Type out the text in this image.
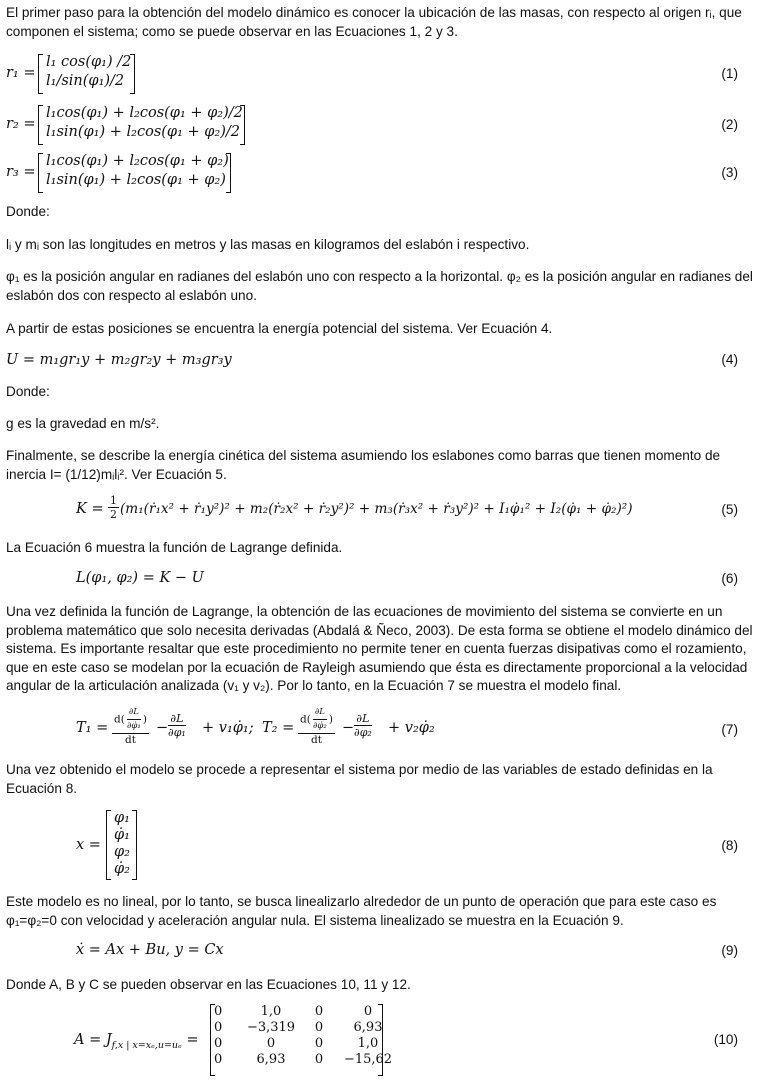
El primer paso para la obtención del modelo dinámico es conocer la ubicación de las masas, con respecto al origen rᵢ, que componen el sistema; como se puede observar en las Ecuaciones 1, 2 y 3.

r₁ =
l₁ cos(φ₁) /2
l₁/sin(φ₁)/2	(1)
r₂ =
l₁cos(φ₁) + l₂cos(φ₁ + φ₂)/2
l₁sin(φ₁) + l₂cos(φ₁ + φ₂)/2	(2)
r₃ =
l₁cos(φ₁) + l₂cos(φ₁ + φ₂)
l₁sin(φ₁) + l₂cos(φ₁ + φ₂)	(3)

Donde:

lᵢ y mᵢ son las longitudes en metros y las masas en kilogramos del eslabón i respectivo.

φ₁ es la posición angular en radianes del eslabón uno con respecto a la horizontal. φ₂ es la posición angular en radianes del eslabón dos con respecto al eslabón uno.

A partir de estas posiciones se encuentra la energía potencial del sistema. Ver Ecuación 4.

U = m₁gr₁y + m₂gr₂y + m₃gr₃y	(4)

Donde:

g es la gravedad en m/s².

Finalmente, se describe la energía cinética del sistema asumiendo los eslabones como barras que tienen momento de inercia I= (1/12)mᵢlᵢ². Ver Ecuación 5.

$K = \frac{1}{2}$ (m₁(ṙ₁x² + ṙ₁y²)² + m₂(ṙ₂x² + ṙ₂y²)² + m₃(ṙ₃x² + ṙ₃y²)² + I₁φ̇₁² + I₂(φ̇₁ + φ̇₂)²)	(5)

La Ecuación 6 muestra la función de Lagrange definida.

L(φ₁, φ₂) = K − U	(6)

Una vez definida la función de Lagrange, la obtención de las ecuaciones de movimiento del sistema se convierte en un problema matemático que solo necesita derivadas (Abdalá & Ñeco, 2003). De esta forma se obtiene el modelo dinámico del sistema. Es importante resaltar que este procedimiento no permite tener en cuenta fuerzas disipativas como el rozamiento, que en este caso se modelan por la ecuación de Rayleigh asumiendo que ésta es directamente proporcional a la velocidad angular de la articulación analizada (v₁ y v₂). Por lo tanto, en la Ecuación 7 se muestra el modelo final.

$T_1 = \frac{d( \frac{\partial L}{\text{∂φ̇₁}} )}{dt} - \frac{\partial L}{\text{∂φ₁}}$ + v₁φ̇₁; $T_2 = \frac{d( \frac{\partial L}{\text{∂φ̇₂}} )}{dt} - \frac{\partial L}{\text{∂φ₂}}$ + v₂φ̇₂	(7)

Una vez obtenido el modelo se procede a representar el sistema por medio de las variables de estado definidas en la Ecuación 8.

x =
φ₁
φ̇₁
φ₂
φ̇₂
(8)

Este modelo es no lineal, por lo tanto, se busca linealizarlo alrededor de un punto de operación que para este caso es φ₁=φ₂=0 con velocidad y aceleración angular nula. El sistema linealizado se muestra en la Ecuación 9.

ẋ = Ax + Bu, y = Cx	(9)

Donde A, B y C se pueden observar en las Ecuaciones 10, 11 y 12.

$A = J_{f,x | x=x_e,u=u_e}$ =
0	1,0	0	0
0	−3,319	0	6,93
0	0	0	1,0
0	6,93	0	−15,62
(10)
